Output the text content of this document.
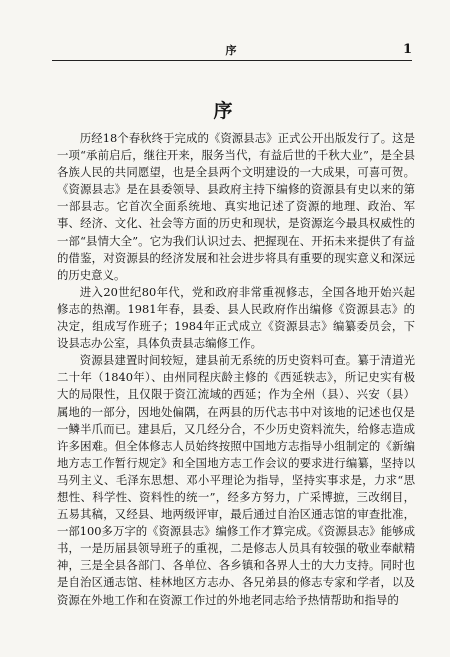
序	1
序

历经18个春秋终于完成的《资源县志》正式公开出版发行了。这是一项“承前启后，继往开来，服务当代，有益后世的千秋大业”，是全县各族人民的共同愿望，也是全县两个文明建设的一大成果，可喜可贺。《资源县志》是在县委领导、县政府主持下编修的资源县有史以来的第一部县志。它首次全面系统地、真实地记述了资源的地理、政治、军事、经济、文化、社会等方面的历史和现状，是资源迄今最具权威性的一部“县情大全”。它为我们认识过去、把握现在、开拓未来提供了有益的借鉴，对资源县的经济发展和社会进步将具有重要的现实意义和深远的历史意义。

进入20世纪80年代，党和政府非常重视修志，全国各地开始兴起修志的热潮。1981年春，县委、县人民政府作出编修《资源县志》的决定，组成写作班子；1984年正式成立《资源县志》编纂委员会，下设县志办公室，具体负责县志编修工作。

资源县建置时间较短，建县前无系统的历史资料可查。纂于清道光二十年（1840年）、由州同程庆龄主修的《西延轶志》，所记史实有极大的局限性，且仅限于资江流域的西延；作为全州（县）、兴安（县）属地的一部分，因地处偏隅，在两县的历代志书中对该地的记述也仅是一鳞半爪而已。建县后，又几经分合，不少历史资料流失，给修志造成许多困难。但全体修志人员始终按照中国地方志指导小组制定的《新编地方志工作暂行规定》和全国地方志工作会议的要求进行编纂，坚持以马列主义、毛泽东思想、邓小平理论为指导，坚持实事求是，力求“思想性、科学性、资料性的统一”，经多方努力，广采博摭，三改纲目，五易其稿，又经县、地两级评审，最后通过自治区通志馆的审查批准，一部100多万字的《资源县志》编修工作才算完成。《资源县志》能够成书，一是历届县领导班子的重视，二是修志人员具有较强的敬业奉献精神，三是全县各部门、各单位、各乡镇和各界人士的大力支持。同时也是自治区通志馆、桂林地区方志办、各兄弟县的修志专家和学者，以及资源在外地工作和在资源工作过的外地老同志给予热情帮助和指导的
